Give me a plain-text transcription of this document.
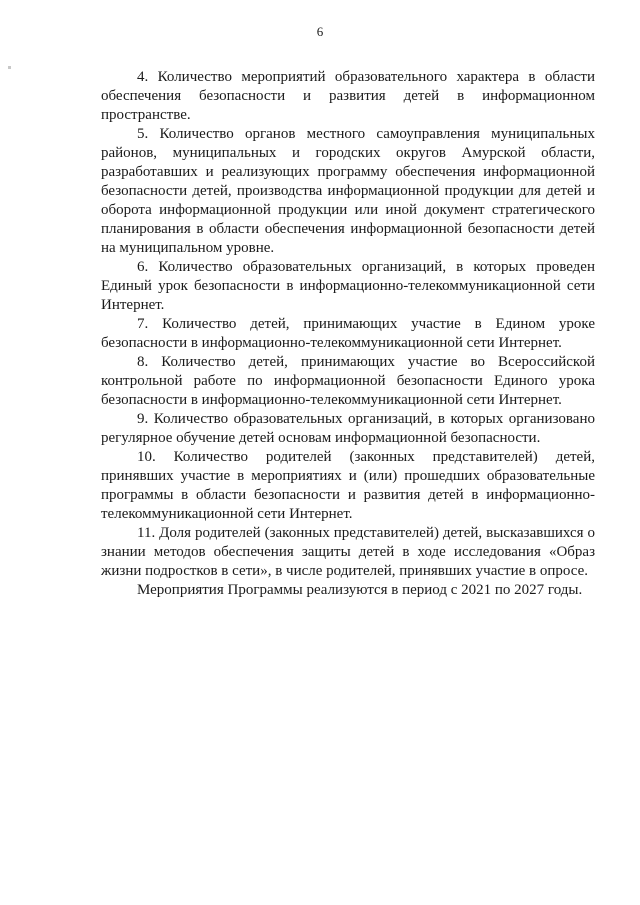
6

4. Количество мероприятий образовательного характера в области обеспечения безопасности и развития детей в информационном пространстве.

5. Количество органов местного самоуправления муниципальных районов, муниципальных и городских округов Амурской области, разработавших и реализующих программу обеспечения информационной безопасности детей, производства информационной продукции для детей и оборота информационной продукции или иной документ стратегического планирования в области обеспечения информационной безопасности детей на муниципальном уровне.

6. Количество образовательных организаций, в которых проведен Единый урок безопасности в информационно-телекоммуникационной сети Интернет.

7. Количество детей, принимающих участие в Едином уроке безопасности в информационно-телекоммуникационной сети Интернет.

8. Количество детей, принимающих участие во Всероссийской контрольной работе по информационной безопасности Единого урока безопасности в информационно-телекоммуникационной сети Интернет.

9. Количество образовательных организаций, в которых организовано регулярное обучение детей основам информационной безопасности.

10. Количество родителей (законных представителей) детей, принявших участие в мероприятиях и (или) прошедших образовательные программы в области безопасности и развития детей в информационно-телекоммуникационной сети Интернет.

11. Доля родителей (законных представителей) детей, высказавшихся о знании методов обеспечения защиты детей в ходе исследования «Образ жизни подростков в сети», в числе родителей, принявших участие в опросе.

Мероприятия Программы реализуются в период с 2021 по 2027 годы.
